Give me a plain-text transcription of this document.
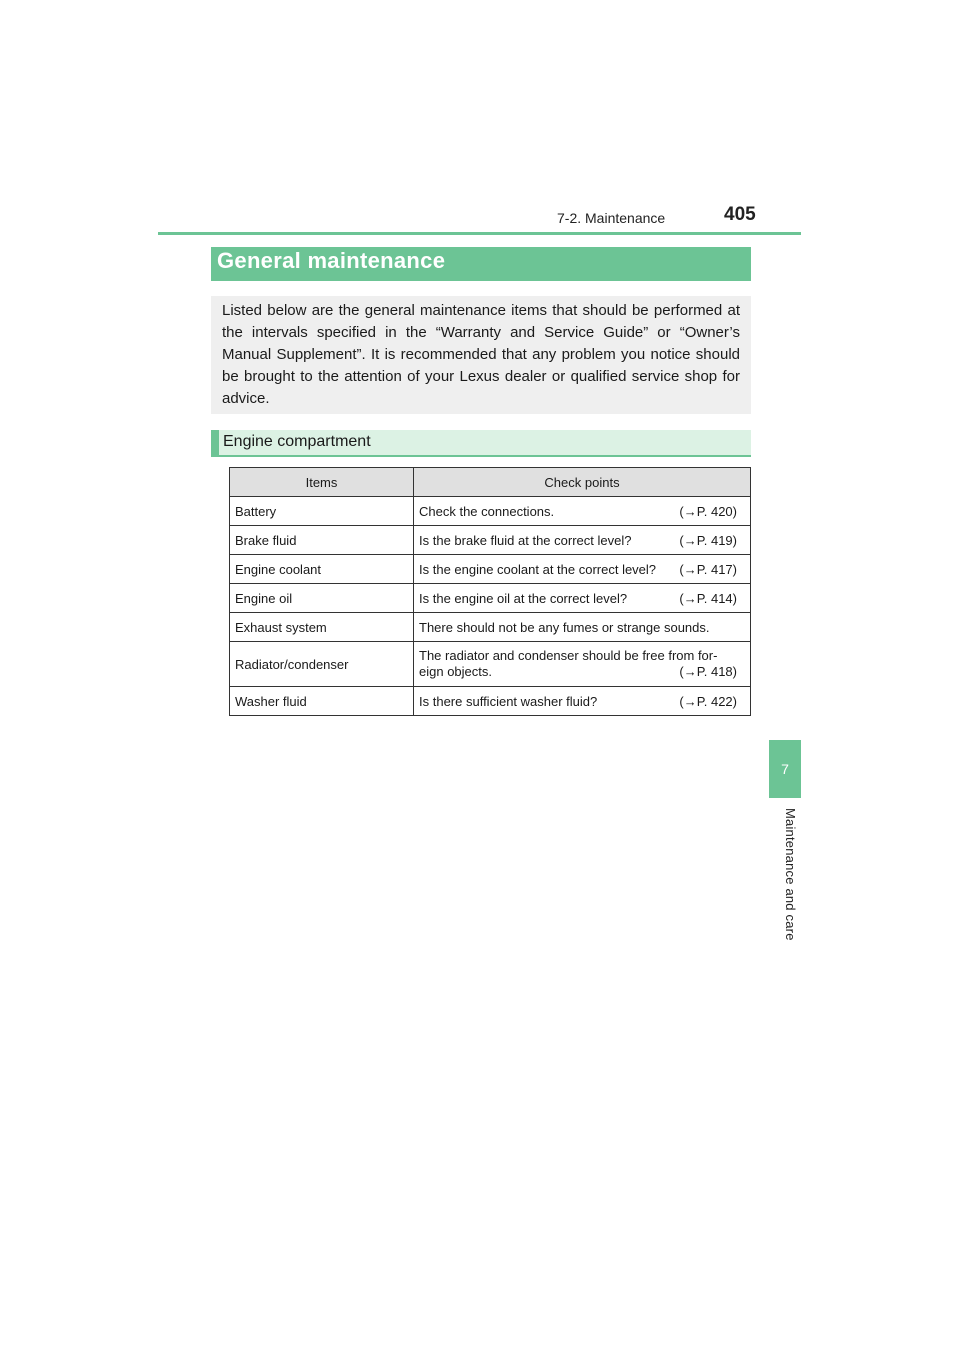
7-2. Maintenance	405
7
Maintenance and care
General maintenance

Listed below are the general maintenance items that should be performed at the intervals specified in the “Warranty and Service Guide” or “Owner’s Manual Supplement”. It is recommended that any problem you notice should be brought to the attention of your Lexus dealer or qualified service shop for advice.

Engine compartment
Items	Check points
Battery	Check the connections. (→P. 420)

Brake fluid	Is the brake fluid at the correct level? (→P. 419)

Engine coolant	Is the engine coolant at the correct level? (→P. 417)

Engine oil	Is the engine oil at the correct level? (→P. 414)

Exhaust system	There should not be any fumes or strange sounds.

Radiator/condenser	The radiator and condenser should be free from for-
eign objects. (→P. 418)

Washer fluid	Is there sufficient washer fluid? (→P. 422)
